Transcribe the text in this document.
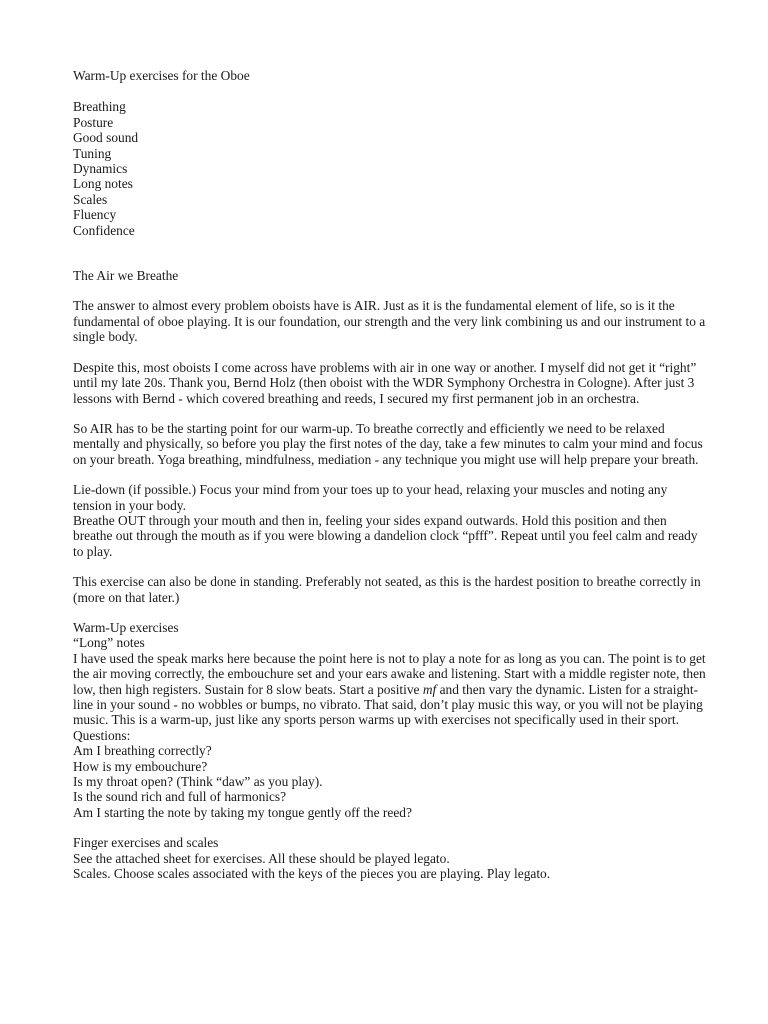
Warm-Up exercises for the Oboe

Breathing

Posture

Good sound

Tuning

Dynamics

Long notes

Scales

Fluency

Confidence

The Air we Breathe

The answer to almost every problem oboists have is AIR. Just as it is the fundamental element of life, so is it the fundamental of oboe playing. It is our foundation, our strength and the very link combining us and our instrument to a single body.

Despite this, most oboists I come across have problems with air in one way or another. I myself did not get it “right” until my late 20s. Thank you, Bernd Holz (then oboist with the WDR Symphony Orchestra in Cologne). After just 3 lessons with Bernd - which covered breathing and reeds, I secured my first permanent job in an orchestra.

So AIR has to be the starting point for our warm-up. To breathe correctly and efficiently we need to be relaxed mentally and physically, so before you play the first notes of the day, take a few minutes to calm your mind and focus on your breath. Yoga breathing, mindfulness, mediation - any technique you might use will help prepare your breath.

Lie-down (if possible.) Focus your mind from your toes up to your head, relaxing your muscles and noting any tension in your body.

Breathe OUT through your mouth and then in, feeling your sides expand outwards. Hold this position and then breathe out through the mouth as if you were blowing a dandelion clock “pfff”. Repeat until you feel calm and ready to play.

This exercise can also be done in standing. Preferably not seated, as this is the hardest position to breathe correctly in (more on that later.)

Warm-Up exercises

“Long” notes

I have used the speak marks here because the point here is not to play a note for as long as you can. The point is to get the air moving correctly, the embouchure set and your ears awake and listening. Start with a middle register note, then low, then high registers. Sustain for 8 slow beats. Start a positive mf and then vary the dynamic. Listen for a straight-line in your sound - no wobbles or bumps, no vibrato. That said, don’t play music this way, or you will not be playing music. This is a warm-up, just like any sports person warms up with exercises not specifically used in their sport.

Questions:

Am I breathing correctly?

How is my embouchure?

Is my throat open? (Think “daw” as you play).

Is the sound rich and full of harmonics?

Am I starting the note by taking my tongue gently off the reed?

Finger exercises and scales

See the attached sheet for exercises. All these should be played legato.

Scales. Choose scales associated with the keys of the pieces you are playing. Play legato.
